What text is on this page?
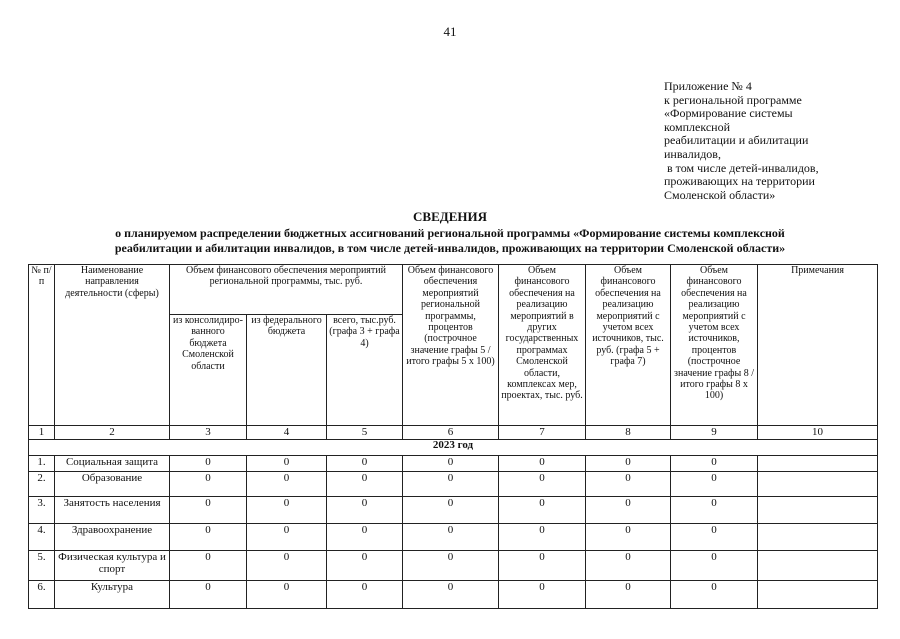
41
Приложение № 4
к региональной программе
«Формирование системы
комплексной
реабилитации и абилитации
инвалидов,
в том числе детей-инвалидов,
проживающих на территории
Смоленской области»
СВЕДЕНИЯ
о планируемом распределении бюджетных ассигнований региональной программы «Формирование системы комплексной
реабилитации и абилитации инвалидов, в том числе детей-инвалидов, проживающих на территории Смоленской области»
№ п/п	Наименование направления деятельности (сферы)	Объем финансового обеспечения мероприятий региональной программы, тыс. руб.			Объем финансового обеспечения мероприятий региональной программы, процентов (построчное значение графы 5 / итого графы 5 х 100)	Объем финансового обеспечения на реализацию мероприятий в других государственных программах Смоленской области, комплексах мер, проектах, тыс. руб.	Объем финансового обеспечения на реализацию мероприятий с учетом всех источников, тыс. руб. (графа 5 + графа 7)	Объем финансового обеспечения на реализацию мероприятий с учетом всех источников, процентов (построчное значение графы 8 / итого графы 8 х 100)	Примечания
		из консолидиро-ванного бюджета Смоленской области	из федерального бюджета	всего, тыс.руб. (графа 3 + графа 4)					
1	2	3	4	5	6	7	8	9	10
2023 год									
1.	Социальная защита	0	0	0	0	0	0	0	
2.	Образование	0	0	0	0	0	0	0	
3.	Занятость населения	0	0	0	0	0	0	0	
4.	Здравоохранение	0	0	0	0	0	0	0	
5.	Физическая культура и спорт	0	0	0	0	0	0	0	
6.	Культура	0	0	0	0	0	0	0	
